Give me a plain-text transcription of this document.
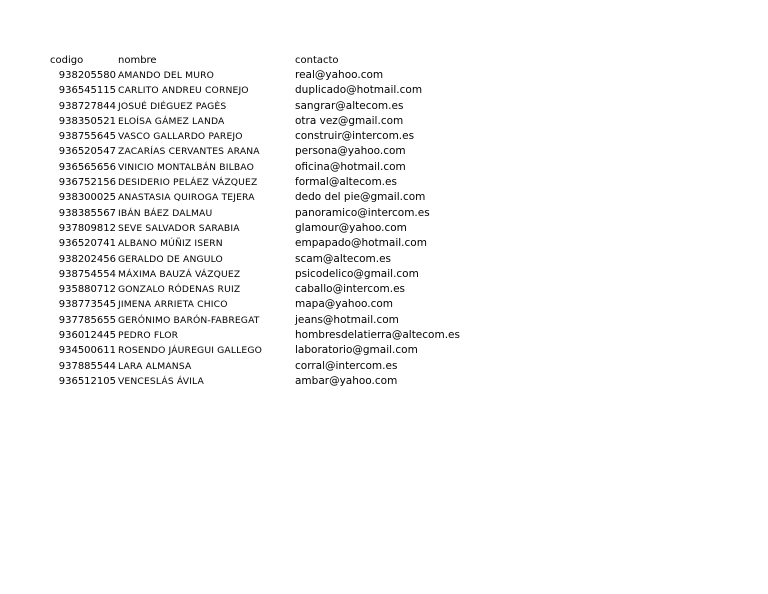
codigo	nombre	contacto
938205580 AMANDO DEL MURO	real@yahoo.com
936545115 CARLITO ANDREU CORNEJO	duplicado@hotmail.com
938727844 JOSUÉ DIÉGUEZ PAGÈS	sangrar@altecom.es
938350521 ELOÍSA GÁMEZ LANDA	otra vez@gmail.com
938755645 VASCO GALLARDO PAREJO	construir@intercom.es
936520547 ZACARÍAS CERVANTES ARANA	persona@yahoo.com
936565656 VINICIO MONTALBÁN BILBAO	oficina@hotmail.com
936752156 DESIDERIO PELÁEZ VÁZQUEZ	formal@altecom.es
938300025 ANASTASIA QUIROGA TEJERA	dedo del pie@gmail.com
938385567 IBÁN BÁEZ DALMAU	panoramico@intercom.es
937809812 SEVE SALVADOR SARABIA	glamour@yahoo.com
936520741 ALBANO MÚÑIZ ISERN	empapado@hotmail.com
938202456 GERALDO DE ANGULO	scam@altecom.es
938754554 MÁXIMA BAUZÁ VÁZQUEZ	psicodelico@gmail.com
935880712 GONZALO RÓDENAS RUIZ	caballo@intercom.es
938773545 JIMENA ARRIETA CHICO	mapa@yahoo.com
937785655 GERÓNIMO BARÓN-FABREGAT	jeans@hotmail.com
936012445 PEDRO FLOR	hombresdelatierra@altecom.es
934500611 ROSENDO JÁUREGUI GALLEGO	laboratorio@gmail.com
937885544 LARA ALMANSA	corral@intercom.es
936512105 VENCESLÁS ÁVILA	ambar@yahoo.com
